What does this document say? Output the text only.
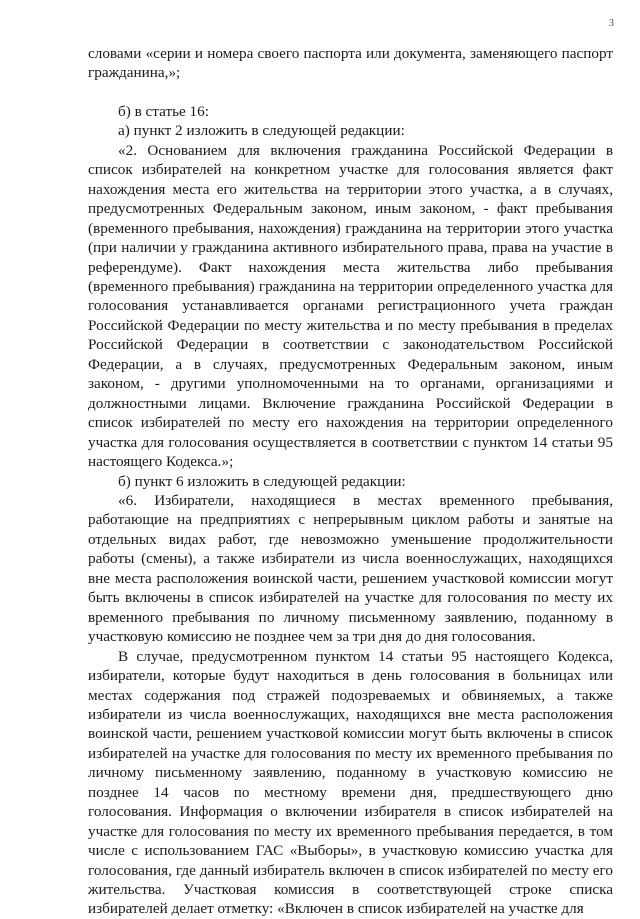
3

словами «серии и номера своего паспорта или документа, заменяющего паспорт гражданина,»;

б) в статье 16:

а) пункт 2 изложить в следующей редакции:

«2. Основанием для включения гражданина Российской Федерации в список избирателей на конкретном участке для голосования является факт нахождения места его жительства на территории этого участка, а в случаях, предусмотренных Федеральным законом, иным законом, - факт пребывания (временного пребывания, нахождения) гражданина на территории этого участка (при наличии у гражданина активного избирательного права, права на участие в референдуме). Факт нахождения места жительства либо пребывания (временного пребывания) гражданина на территории определенного участка для голосования устанавливается органами регистрационного учета граждан Российской Федерации по месту жительства и по месту пребывания в пределах Российской Федерации в соответствии с законодательством Российской Федерации, а в случаях, предусмотренных Федеральным законом, иным законом, - другими уполномоченными на то органами, организациями и должностными лицами. Включение гражданина Российской Федерации в список избирателей по месту его нахождения на территории определенного участка для голосования осуществляется в соответствии с пунктом 14 статьи 95 настоящего Кодекса.»;

б) пункт 6 изложить в следующей редакции:

«6. Избиратели, находящиеся в местах временного пребывания, работающие на предприятиях с непрерывным циклом работы и занятые на отдельных видах работ, где невозможно уменьшение продолжительности работы (смены), а также избиратели из числа военнослужащих, находящихся вне места расположения воинской части, решением участковой комиссии могут быть включены в список избирателей на участке для голосования по месту их временного пребывания по личному письменному заявлению, поданному в участковую комиссию не позднее чем за три дня до дня голосования.

В случае, предусмотренном пунктом 14 статьи 95 настоящего Кодекса, избиратели, которые будут находиться в день голосования в больницах или местах содержания под стражей подозреваемых и обвиняемых, а также избиратели из числа военнослужащих, находящихся вне места расположения воинской части, решением участковой комиссии могут быть включены в список избирателей на участке для голосования по месту их временного пребывания по личному письменному заявлению, поданному в участковую комиссию не позднее 14 часов по местному времени дня, предшествующего дню голосования. Информация о включении избирателя в список избирателей на участке для голосования по месту их временного пребывания передается, в том числе с использованием ГАС «Выборы», в участковую комиссию участка для голосования, где данный избиратель включен в список избирателей по месту его жительства. Участковая комиссия в соответствующей строке списка избирателей делает отметку: «Включен в список избирателей на участке для
